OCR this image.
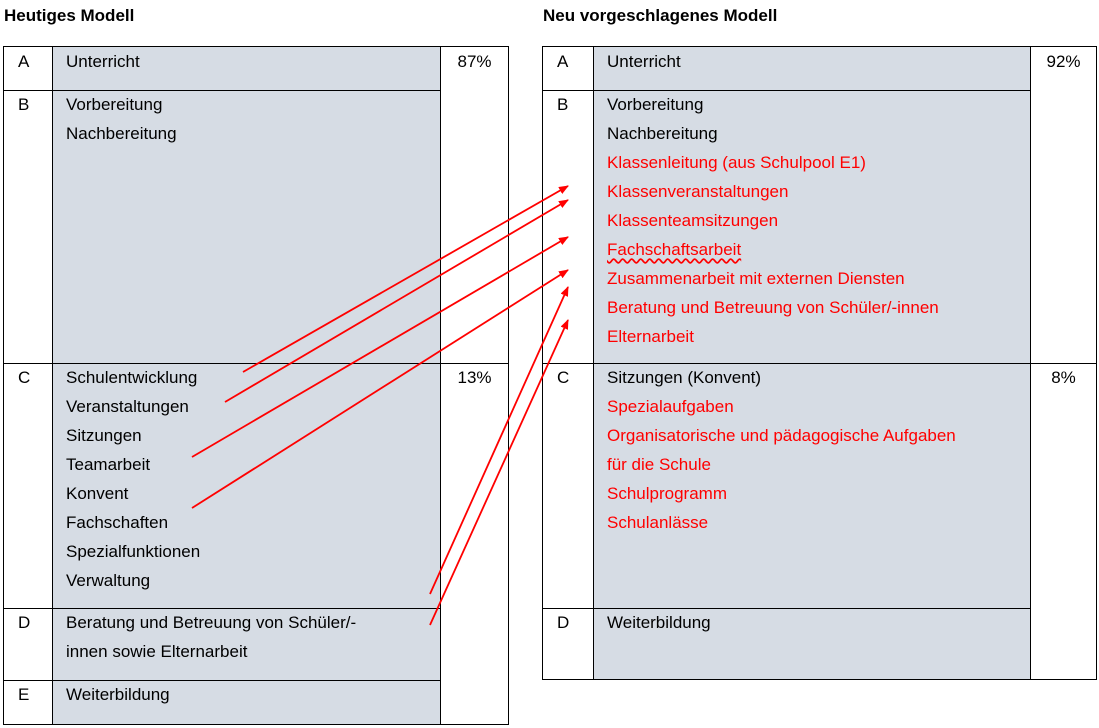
Heutiges Modell	Neu vorgeschlagenes Modell
A Unterricht
B Vorbereitung
Nachbereitung
C Schulentwicklung
Veranstaltungen
Sitzungen
Teamarbeit
Konvent
Fachschaften
Spezialfunktionen
Verwaltung
D Beratung und Betreuung von Schüler/-
innen sowie Elternarbeit
E Weiterbildung
87%
13%
A Unterricht
B Vorbereitung
Nachbereitung
Klassenleitung (aus Schulpool E1)
Klassenveranstaltungen
Klassenteamsitzungen
Fachschaftsarbeit
Zusammenarbeit mit externen Diensten
Beratung und Betreuung von Schüler/-innen
Elternarbeit
C Sitzungen (Konvent)
Spezialaufgaben
Organisatorische und pädagogische Aufgaben
für die Schule
Schulprogramm
Schulanlässe
D Weiterbildung
92%
8%
